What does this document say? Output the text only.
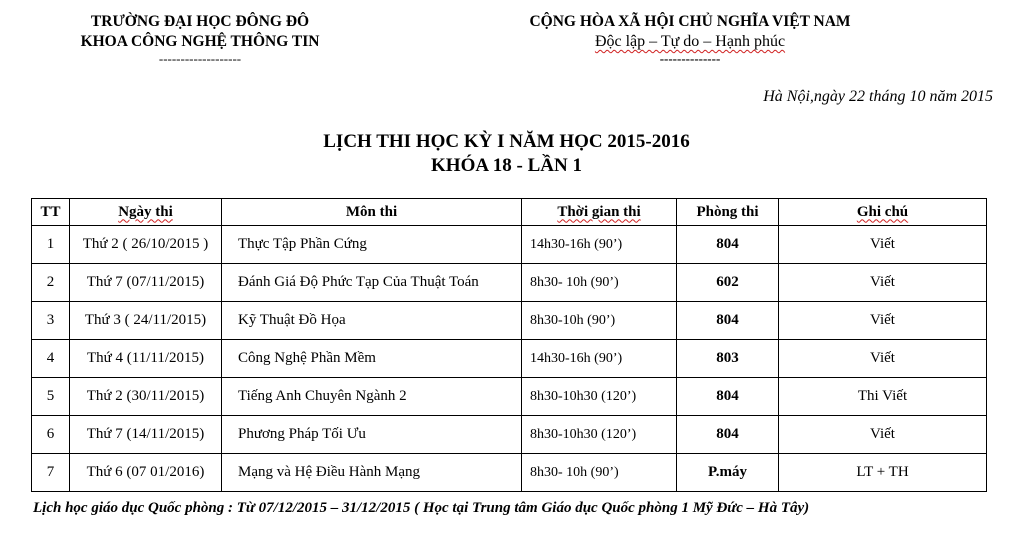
TRƯỜNG ĐẠI HỌC ĐÔNG ĐÔ
KHOA CÔNG NGHỆ THÔNG TIN
-------------------
CỘNG HÒA XÃ HỘI CHỦ NGHĨA VIỆT NAM
Độc lập – Tự do – Hạnh phúc
--------------
Hà Nội,ngày 22 tháng 10 năm 2015
LỊCH THI HỌC KỲ I NĂM HỌC 2015-2016
KHÓA 18 - LẦN 1
TT	Ngày thi	Môn thi	Thời gian thi	Phòng thi	Ghi chú
1	Thứ 2 ( 26/10/2015 )	Thực Tập Phần Cứng	14h30-16h (90’)	804	Viết
2	Thứ 7 (07/11/2015)	Đánh Giá Độ Phức Tạp Của Thuật Toán	8h30- 10h (90’)	602	Viết
3	Thứ 3 ( 24/11/2015)	Kỹ Thuật Đồ Họa	8h30-10h (90’)	804	Viết
4	Thứ 4 (11/11/2015)	Công Nghệ Phần Mềm	14h30-16h (90’)	803	Viết
5	Thứ 2 (30/11/2015)	Tiếng Anh Chuyên Ngành 2	8h30-10h30 (120’)	804	Thi Viết
6	Thứ 7 (14/11/2015)	Phương Pháp Tối Ưu	8h30-10h30 (120’)	804	Viết
7	Thứ 6 (07 01/2016)	Mạng và Hệ Điều Hành Mạng	8h30- 10h (90’)	P.máy	LT + TH
Lịch học giáo dục Quốc phòng : Từ 07/12/2015 – 31/12/2015 ( Học tại Trung tâm Giáo dục Quốc phòng 1 Mỹ Đức – Hà Tây)
